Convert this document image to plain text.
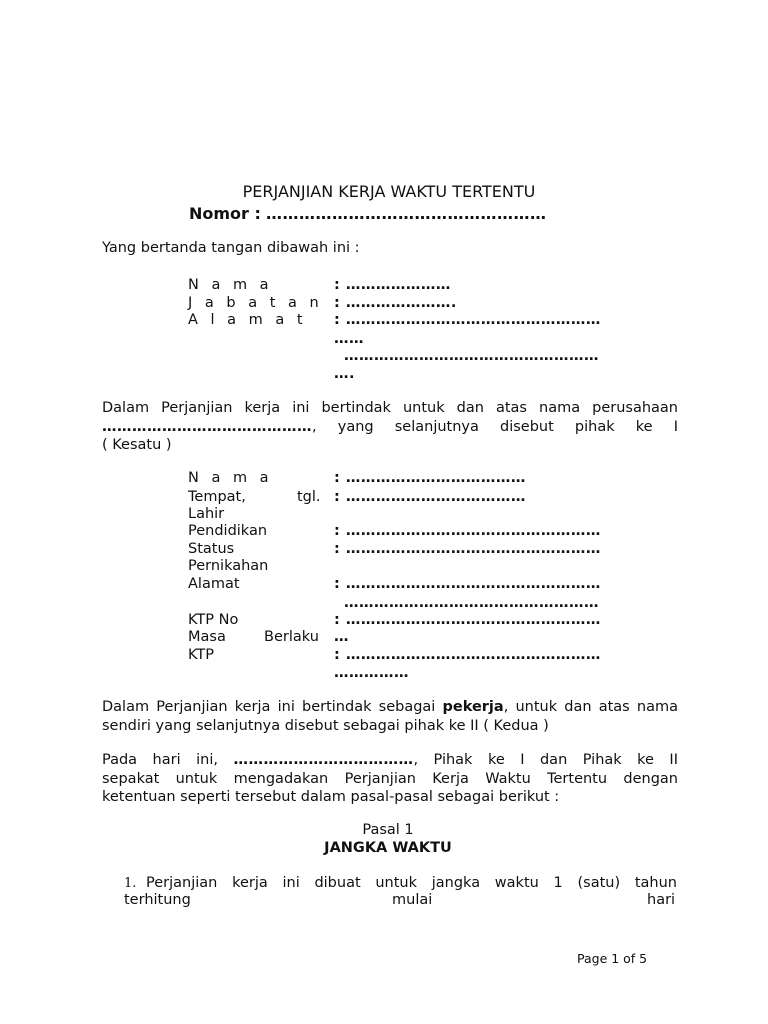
PERJANJIAN KERJA WAKTU TERTENTU
Nomor : ……………………………………………
Yang bertanda tangan dibawah ini :
N a m a	: …………………
J a b a t a n : ………………….
A l a m a t : ……………………………………………
……
……………………………………………
….
Dalam Perjanjian kerja ini bertindak untuk dan atas nama perusahaan
……………………………………, yang selanjutnya disebut pihak ke I
( Kesatu )
N a m a	: ………………………………
Tempat,	tgl. : ………………………………
Lahir
Pendidikan	: ……………………………………………
Status	: ……………………………………………
Pernikahan
Alamat	: ……………………………………………
……………………………………………
KTP No	: ……………………………………………
Masa	Berlaku …
KTP	: ……………………………………………
……………
Dalam Perjanjian kerja ini bertindak sebagai pekerja, untuk dan atas nama
sendiri yang selanjutnya disebut sebagai pihak ke II ( Kedua )
Pada hari ini, ………………………………, Pihak ke I dan Pihak ke II
sepakat untuk mengadakan Perjanjian Kerja Waktu Tertentu dengan
ketentuan seperti tersebut dalam pasal-pasal sebagai berikut :
Pasal 1
JANGKA WAKTU
1. Perjanjian kerja ini dibuat untuk jangka waktu 1 (satu) tahun
terhitung	mulai	hari
Page 1 of 5
